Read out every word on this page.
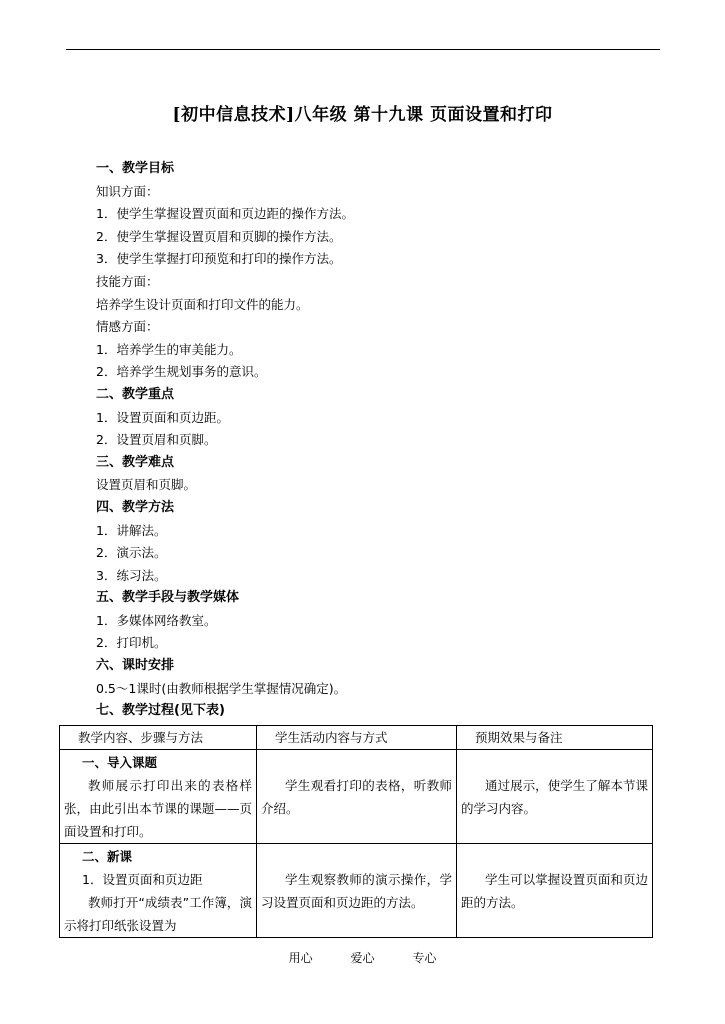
[初中信息技术]八年级 第十九课 页面设置和打印
一、教学目标
知识方面：
1．使学生掌握设置页面和页边距的操作方法。
2．使学生掌握设置页眉和页脚的操作方法。
3．使学生掌握打印预览和打印的操作方法。
技能方面：
培养学生设计页面和打印文件的能力。
情感方面：
1．培养学生的审美能力。
2．培养学生规划事务的意识。
二、教学重点
1．设置页面和页边距。
2．设置页眉和页脚。
三、教学难点
设置页眉和页脚。
四、教学方法
1．讲解法。
2．演示法。
3．练习法。
五、教学手段与教学媒体
1．多媒体网络教室。
2．打印机。
六、课时安排
0.5～1课时(由教师根据学生掌握情况确定)。
七、教学过程(见下表)
教学内容、步骤与方法	学生活动内容与方式	预期效果与备注

一、导入课题
教师展示打印出来的表格样张，由此引出本节课的课题——页面设置和打印。	学生观看打印的表格，听教师介绍。	通过展示，使学生了解本节课的学习内容。

二、新课
1．设置页面和页边距
教师打开“成绩表”工作簿，演示将打印纸张设置为	学生观察教师的演示操作，学习设置页面和页边距的方法。	学生可以掌握设置页面和页边距的方法。
用心	爱心	专心
